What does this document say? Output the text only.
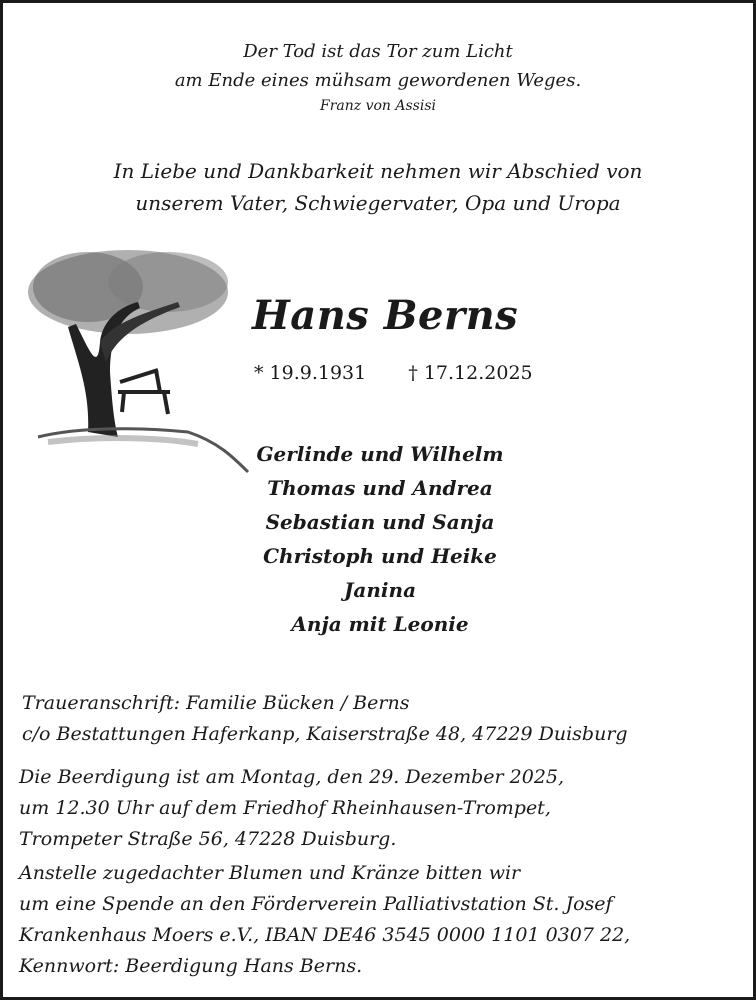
Der Tod ist das Tor zum Licht
am Ende eines mühsam gewordenen Weges.
Franz von Assisi
In Liebe und Dankbarkeit nehmen wir Abschied von
unserem Vater, Schwiegervater, Opa und Uropa
Hans Berns
* 19.9.1931 † 17.12.2025
Gerlinde und Wilhelm
Thomas und Andrea
Sebastian und Sanja
Christoph und Heike
Janina
Anja mit Leonie
Traueranschrift: Familie Bücken / Berns
c/o Bestattungen Haferkanp, Kaiserstraße 48, 47229 Duisburg
Die Beerdigung ist am Montag, den 29. Dezember 2025,
um 12.30 Uhr auf dem Friedhof Rheinhausen-Trompet,
Trompeter Straße 56, 47228 Duisburg.
Anstelle zugedachter Blumen und Kränze bitten wir
um eine Spende an den Förderverein Palliativstation St. Josef
Krankenhaus Moers e.V., IBAN DE46 3545 0000 1101 0307 22,
Kennwort: Beerdigung Hans Berns.
